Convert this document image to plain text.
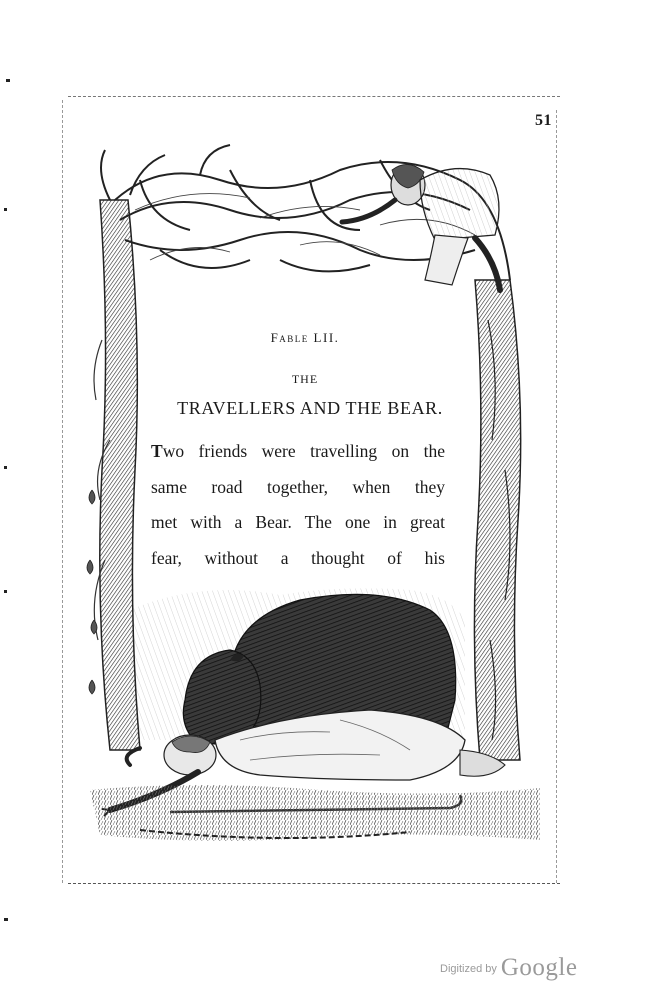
51
Fable LII.
THE
TRAVELLERS AND THE BEAR.
Two friends were travelling on the
same road together, when they
met with a Bear. The one in great
fear, without a thought of his
Digitized by Google
